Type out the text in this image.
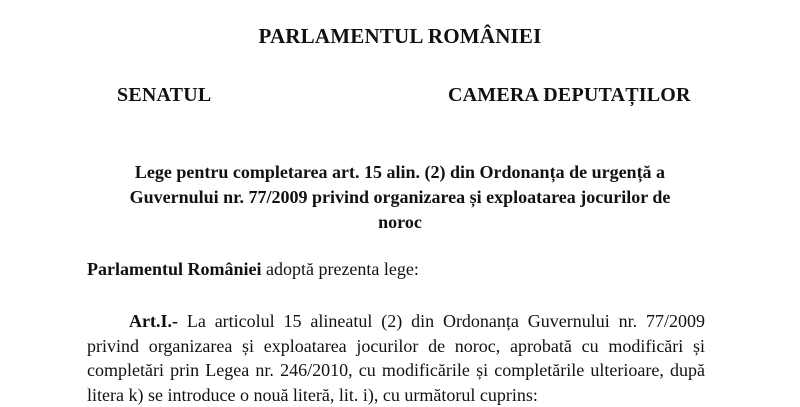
PARLAMENTUL ROMÂNIEI
SENATUL	CAMERA DEPUTAȚILOR
Lege pentru completarea art. 15 alin. (2) din Ordonanța de urgență a
Guvernului nr. 77/2009 privind organizarea și exploatarea jocurilor de
noroc
Parlamentul României adoptă prezenta lege:
Art.I.- La articolul 15 alineatul (2) din Ordonanța Guvernului nr. 77/2009
privind organizarea și exploatarea jocurilor de noroc, aprobată cu modificări și
completări prin Legea nr. 246/2010, cu modificările și completările ulterioare, după
litera k) se introduce o nouă literă, lit. i), cu următorul cuprins:
